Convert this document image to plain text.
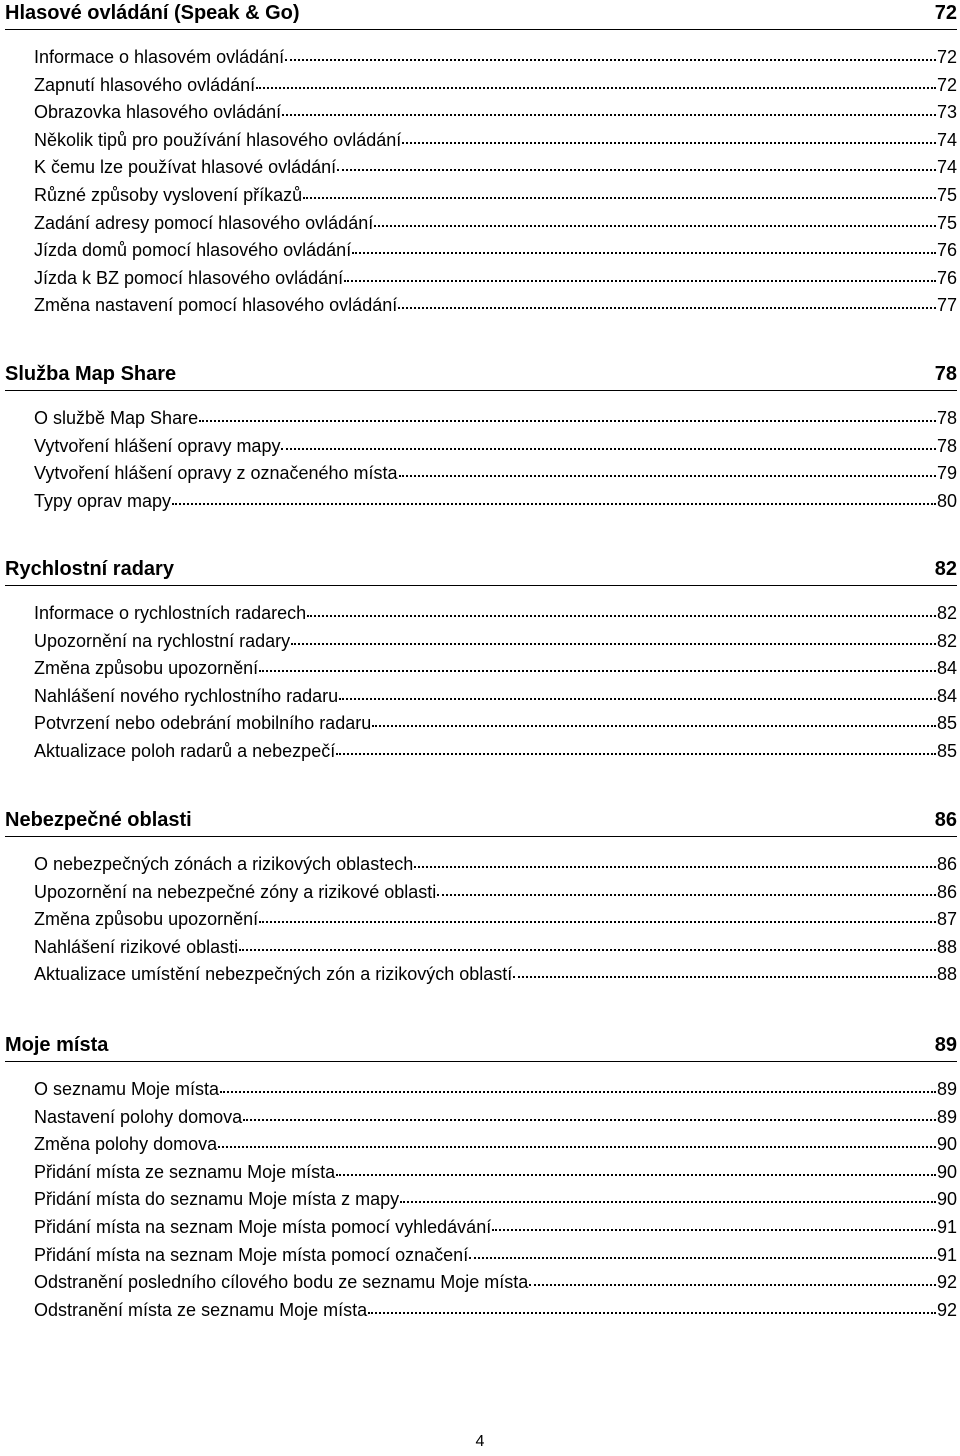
Hlasové ovládání (Speak & Go)	72
Informace o hlasovém ovládání	72
Zapnutí hlasového ovládání	72
Obrazovka hlasového ovládání	73
Několik tipů pro používání hlasového ovládání	74
K čemu lze používat hlasové ovládání	74
Různé způsoby vyslovení příkazů	75
Zadání adresy pomocí hlasového ovládání	75
Jízda domů pomocí hlasového ovládání	76
Jízda k BZ pomocí hlasového ovládání	76
Změna nastavení pomocí hlasového ovládání	77
Služba Map Share	78
O službě Map Share	78
Vytvoření hlášení opravy mapy	78
Vytvoření hlášení opravy z označeného místa	79
Typy oprav mapy	80
Rychlostní radary	82
Informace o rychlostních radarech	82
Upozornění na rychlostní radary	82
Změna způsobu upozornění	84
Nahlášení nového rychlostního radaru	84
Potvrzení nebo odebrání mobilního radaru	85
Aktualizace poloh radarů a nebezpečí	85
Nebezpečné oblasti	86
O nebezpečných zónách a rizikových oblastech	86
Upozornění na nebezpečné zóny a rizikové oblasti	86
Změna způsobu upozornění	87
Nahlášení rizikové oblasti	88
Aktualizace umístění nebezpečných zón a rizikových oblastí	88
Moje místa	89
O seznamu Moje místa	89
Nastavení polohy domova	89
Změna polohy domova	90
Přidání místa ze seznamu Moje místa	90
Přidání místa do seznamu Moje místa z mapy	90
Přidání místa na seznam Moje místa pomocí vyhledávání	91
Přidání místa na seznam Moje místa pomocí označení	91
Odstranění posledního cílového bodu ze seznamu Moje místa	92
Odstranění místa ze seznamu Moje místa	92
4
